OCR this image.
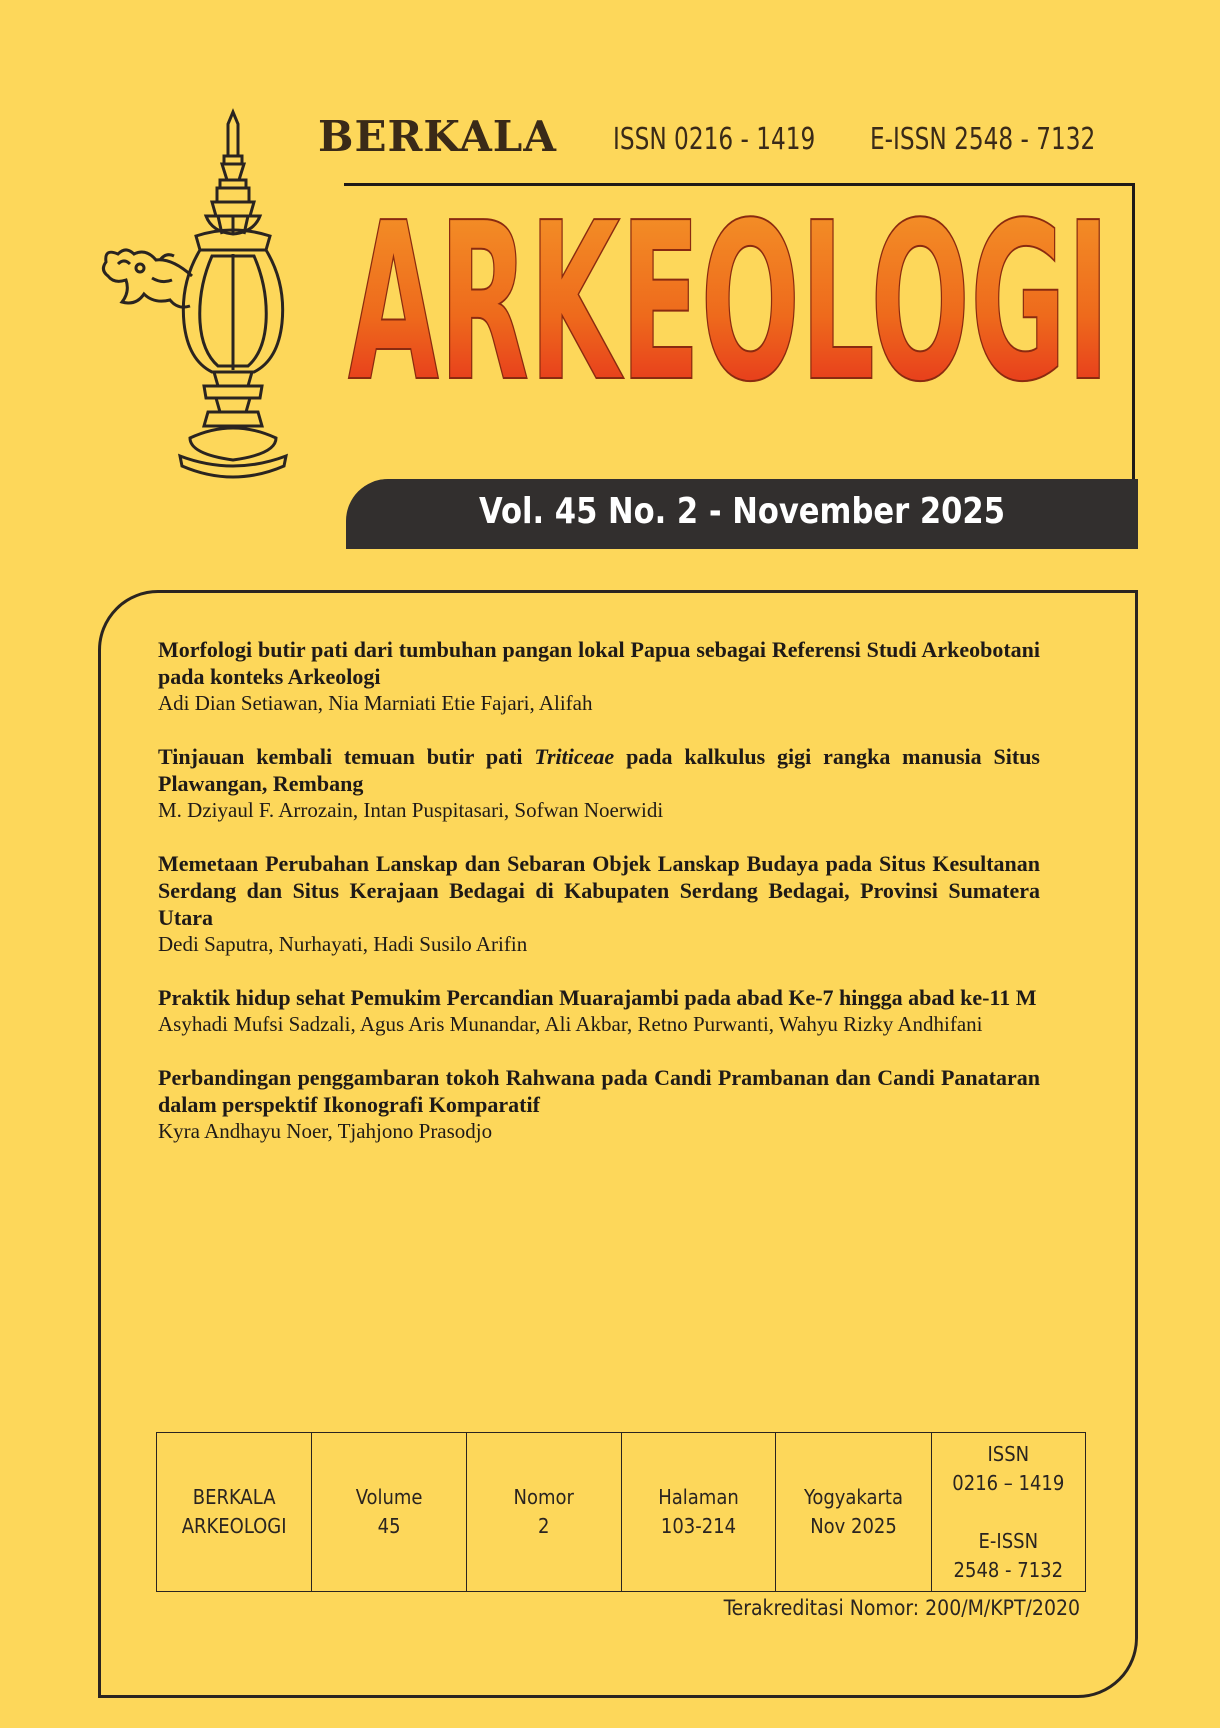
BERKALA ISSN 0216 - 1419 E-ISSN 2548 - 7132
ARKEOLOGI
Vol. 45 No. 2 - November 2025

Morfologi butir pati dari tumbuhan pangan lokal Papua sebagai Referensi Studi Arkeobotani pada konteks Arkeologi

Adi Dian Setiawan, Nia Marniati Etie Fajari, Alifah

Tinjauan kembali temuan butir pati Triticeae pada kalkulus gigi rangka manusia Situs Plawangan, Rembang

M. Dziyaul F. Arrozain, Intan Puspitasari, Sofwan Noerwidi

Memetaan Perubahan Lanskap dan Sebaran Objek Lanskap Budaya pada Situs Kesultanan Serdang dan Situs Kerajaan Bedagai di Kabupaten Serdang Bedagai, Provinsi Sumatera Utara

Dedi Saputra, Nurhayati, Hadi Susilo Arifin

Praktik hidup sehat Pemukim Percandian Muarajambi pada abad Ke-7 hingga abad ke-11 M

Asyhadi Mufsi Sadzali, Agus Aris Munandar, Ali Akbar, Retno Purwanti, Wahyu Rizky Andhifani

Perbandingan penggambaran tokoh Rahwana pada Candi Prambanan dan Candi Panataran dalam perspektif Ikonografi Komparatif

Kyra Andhayu Noer, Tjahjono Prasodjo

BERKALA
ARKEOLOGI

Volume
45

Nomor
2

Halaman
103-214

Yogyakarta
Nov 2025

ISSN
0216 – 1419
E-ISSN
2548 - 7132
Terakreditasi Nomor: 200/M/KPT/2020
